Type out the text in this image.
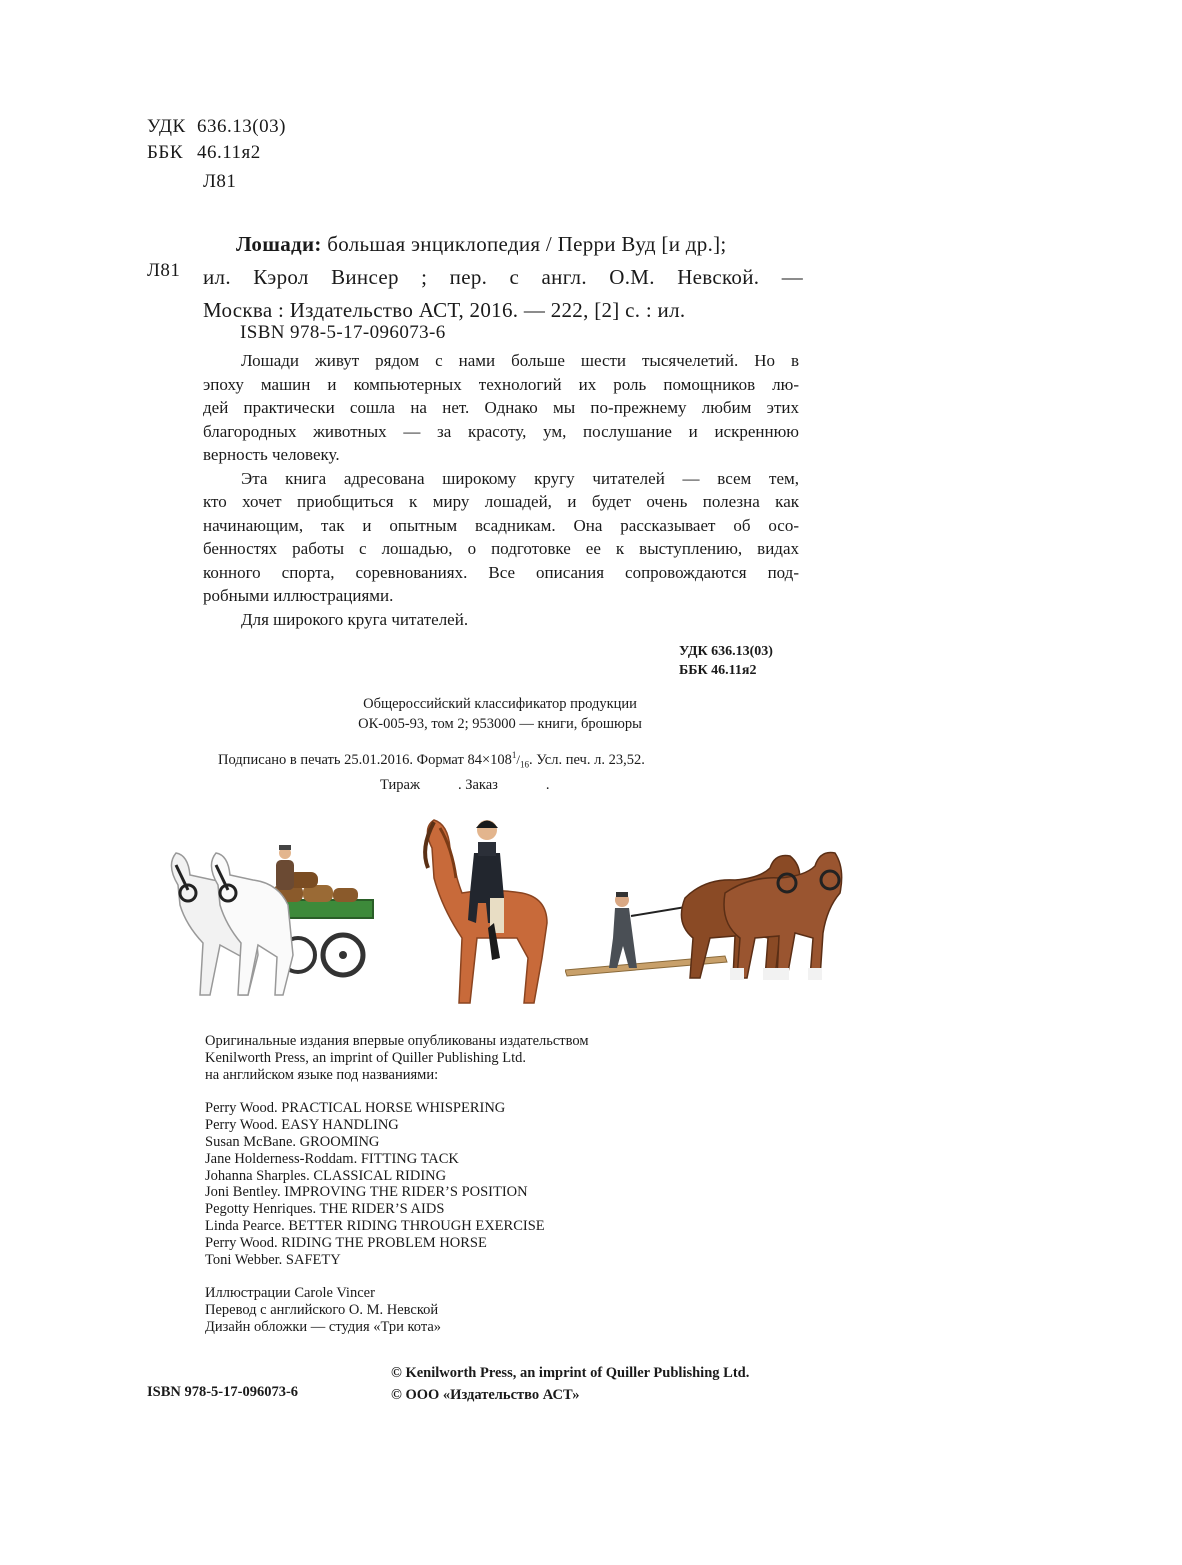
УДК 636.13(03)
ББК 46.11я2
Л81
Л81
Лошади:
большая энциклопедия / Перри Вуд [и др.];
ил. Кэрол Винсер ; пер. с англ. О.М. Невской. —
Москва : Издательство АСТ, 2016. — 222, [2] с. : ил.
ISBN 978-5-17-096073-6

Лошади живут рядом с нами больше шести тысячелетий. Но в

эпоху машин и компьютерных технологий их роль помощников лю-

дей практически сошла на нет. Однако мы по-прежнему любим этих

благородных животных — за красоту, ум, послушание и искреннюю

верность человеку.

Эта книга адресована широкому кругу читателей — всем тем,

кто хочет приобщиться к миру лошадей, и будет очень полезна как

начинающим, так и опытным всадникам. Она рассказывает об осо-

бенностях работы с лошадью, о подготовке ее к выступлению, видах

конного спорта, соревнованиях. Все описания сопровождаются под-

робными иллюстрациями.

Для широкого круга читателей.

УДК 636.13(03)
ББК 46.11я2
Общероссийский классификатор продукции
ОК-005-93, том 2; 953000 — книги, брошюры
Подписано в печать 25.01.2016. Формат $84\times 108^1/_{16}$. Усл. печ. л. 23,52.
Тираж	. Заказ	.
Оригинальные издания впервые опубликованы издательством
Kenilworth Press, an imprint of Quiller Publishing Ltd.
на английском языке под названиями:
Perry Wood. PRACTICAL HORSE WHISPERING
Perry Wood. EASY HANDLING
Susan McBane. GROOMING
Jane Holderness-Roddam. FITTING TACK
Johanna Sharples. CLASSICAL RIDING
Joni Bentley. IMPROVING THE RIDER’S POSITION
Pegotty Henriques. THE RIDER’S AIDS
Linda Pearce. BETTER RIDING THROUGH EXERCISE
Perry Wood. RIDING THE PROBLEM HORSE
Toni Webber. SAFETY
Иллюстрации Carole Vincer
Перевод с английского О. М. Невской
Дизайн обложки — студия «Три кота»
© Kenilworth Press, an imprint of Quiller Publishing Ltd.
© ООО «Издательство АСТ»
ISBN 978-5-17-096073-6
